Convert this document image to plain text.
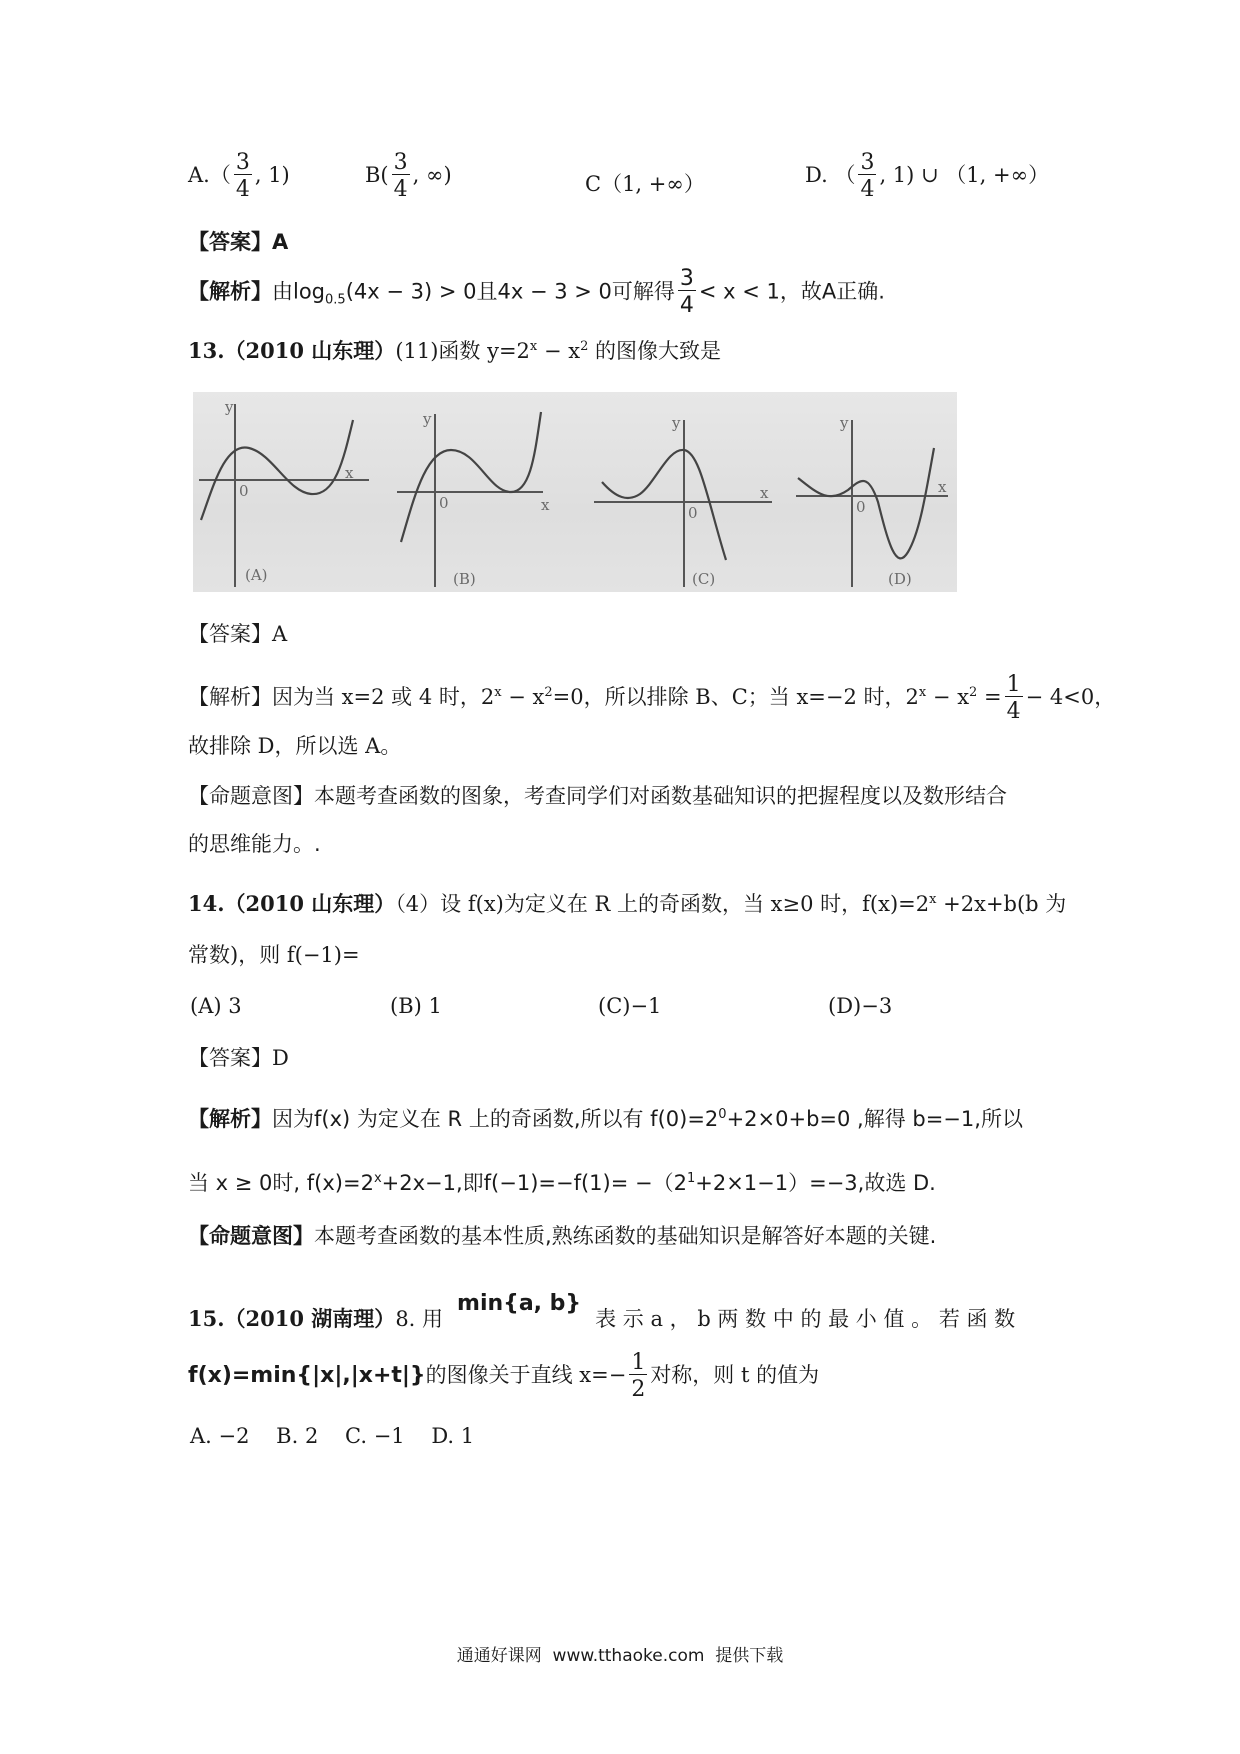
$A.( \frac{3}{4}$ , 1)	$B( \frac{3}{4}$ , ∞)	C（1, +∞）	D. （ $\frac{3}{4}$ , 1) ∪ （1, +∞）
【答案】A
【解析】由$\log_{0.5}(4x - 3) > 0$且4x − 3 > 0可解得 $\frac{3}{4} < x < 1$，故A正确.
13.（2010 山东理）(11)函数 $y=2^x - x^2$ 的图像大致是
y
x
0
(A)
y
x
0
(B)
y
x
0
(C)
y
x
0
(D)
【答案】A
【解析】因为当 x=2 或 4 时，$2^x - x^2=0$，所以排除 B、C；当 x=−2 时，$2^x - x^2 = \frac{1}{4} - 4<0$，
故排除 D，所以选 A。
【命题意图】本题考查函数的图象，考查同学们对函数基础知识的把握程度以及数形结合
的思维能力。.
14.（2010 山东理）（4）设 f(x)为定义在 R 上的奇函数，当 x≥0 时，$f(x)=2^x +2x+b(b$ 为
常数)，则 f(−1)=
(A) 3	(B) 1	(C)−1	(D)−3
【答案】D
【解析】因为f(x) 为定义在 R 上的奇函数,所以有 $f(0)=2^0+2\times 0+b=0$ ,解得 b=−1,所以
当 x ≥ 0时, $f(x)=2^x+2x-1$,即$f(-1)=-f(1)= -(2^1+2\times 1-1)=-3$,故选 D.
【命题意图】本题考查函数的基本性质,熟练函数的基础知识是解答好本题的关键.
15.（2010 湖南理）8. 用min{a, b}表 示 a ， b 两 数 中 的 最 小 值 。 若 函 数
f(x)=min{|x|,|x+t|}的图像关于直线 $x=- \frac{1}{2}$ 对称，则 t 的值为
A. −2    B. 2    C. −1    D. 1
通通好课网  www.tthaoke.com  提供下载
